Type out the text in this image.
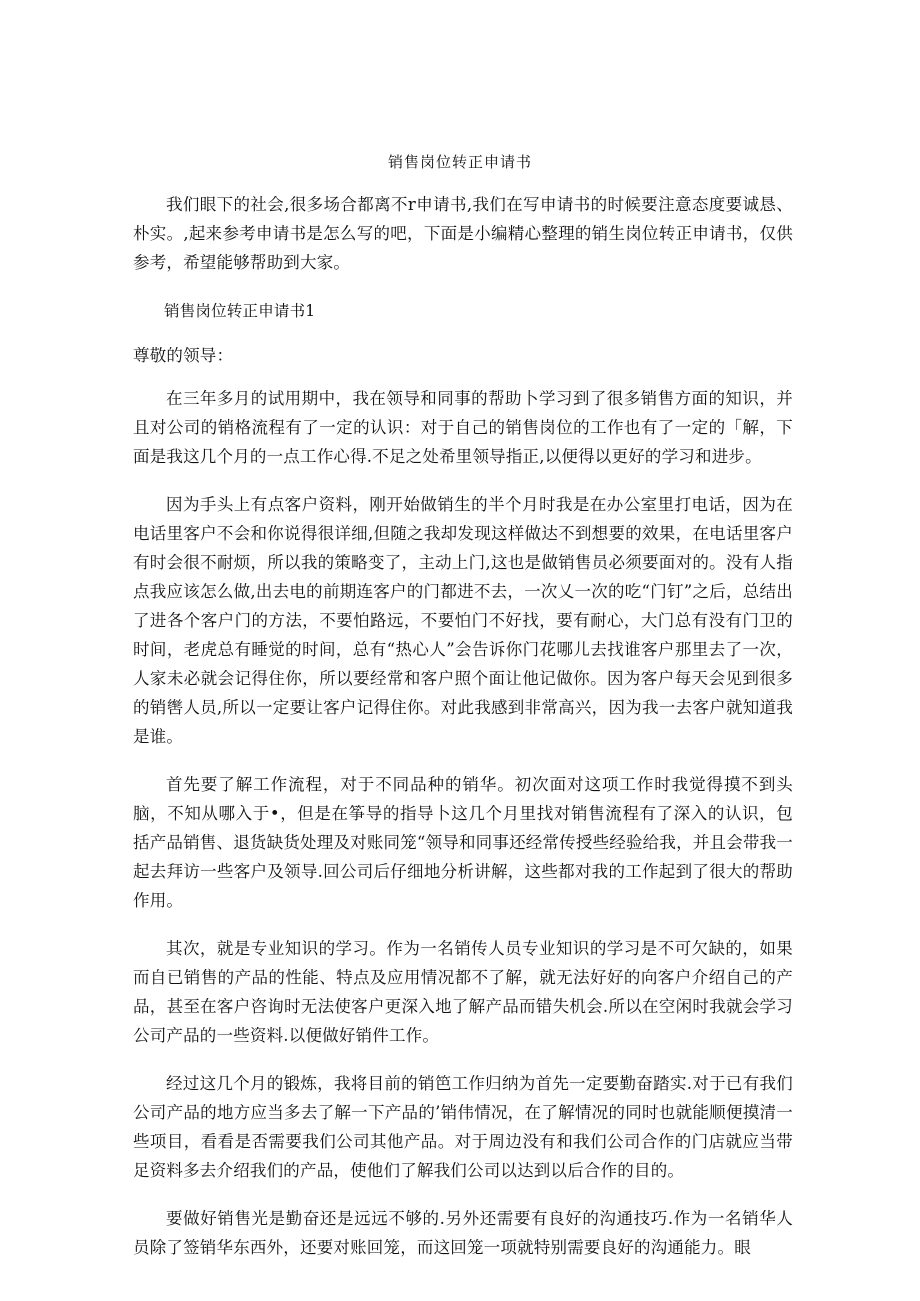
销售岗位转正申请书

我们眼下的社会,很多场合都离不r申请书,我们在写申请书的时候要注意态度要诚恳、朴实。,起来参考申请书是怎么写的吧，下面是小编精心整理的销生岗位转正申请书，仅供参考，希望能够帮助到大家。

销售岗位转正申请书1

尊敬的领导：

在三年多月的试用期中，我在领导和同事的帮助卜学习到了很多销售方面的知识，并且对公司的销格流程有了一定的认识：对于自己的销售岗位的工作也有了一定的「解，下面是我这几个月的一点工作心得.不足之处希里领导指正,以便得以更好的学习和进步。

因为手头上有点客户资料，刚开始做销生的半个月时我是在办公室里打电话，因为在电话里客户不会和你说得很详细,但随之我却发现这样做达不到想要的效果，在电话里客户有时会很不耐烦，所以我的策略变了，主动上门,这也是做销售员必须要面对的。没有人指点我应该怎么做,出去电的前期连客户的门都进不去，一次乂一次的吃“门钉”之后，总结出了进各个客户门的方法，不要怕路远，不要怕门不好找，要有耐心，大门总有没有门卫的时间，老虎总有睡觉的时间，总有“热心人”会告诉你门花哪儿去找谁客户那里去了一次，人家未必就会记得住你，所以要经常和客户照个面让他记做你。因为客户每天会见到很多的销辔人员,所以一定要让客户记得住你。对此我感到非常高兴，因为我一去客户就知道我是谁。

首先要了解工作流程，对于不同品种的销华。初次面对这项工作时我觉得摸不到头脑，不知从哪入于•，但是在筝导的指导卜这几个月里找对销售流程有了深入的认识，包括产品销售、退货缺货处理及对账同笼“领导和同事还经常传授些经验给我，并且会带我一起去拜访一些客户及领导.回公司后仔细地分析讲解，这些都对我的工作起到了很大的帮助作用。

其次，就是专业知识的学习。作为一名销传人员专业知识的学习是不可欠缺的，如果而自已销售的产品的性能、特点及应用情况都不了解，就无法好好的向客户介绍自己的产品，甚至在客户咨询时无法使客户更深入地了解产品而错失机会.所以在空闲时我就会学习公司产品的一些资料.以便做好销件工作。

经过这几个月的锻炼，我将目前的销笆工作归纳为首先一定要勤奋踏实.对于已有我们公司产品的地方应当多去了解一下产品的’销伟情况，在了解情况的同时也就能顺便摸清一些项目，看看是否需要我们公司其他产品。对于周边没有和我们公司合作的门店就应当带足资料多去介绍我们的产品，使他们了解我们公司以达到以后合作的目的。

要做好销售光是勤奋还是远远不够的.另外还需要有良好的沟通技巧.作为一名销华人员除了签销华东西外，还要对账回笼，而这回笼一项就特别需要良好的沟通能力。眼
